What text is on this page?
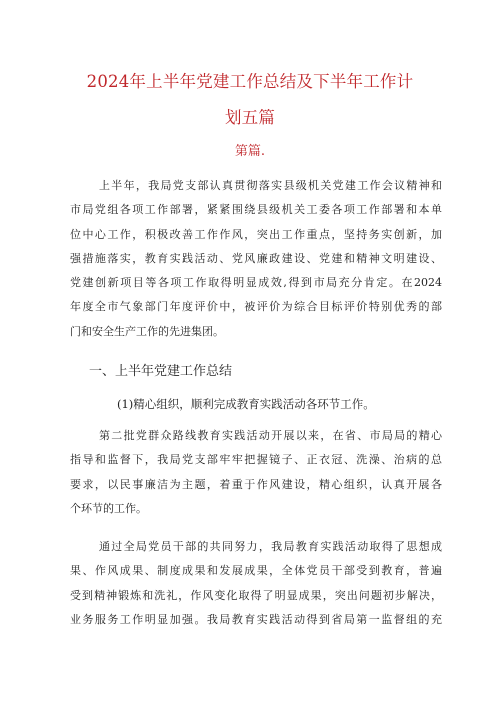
2024年上半年党建工作总结及下半年工作计
划五篇
第篇.

上半年，我局党支部认真贯彻落实县级机关党建工作会议精神和
市局党组各项工作部署，紧紧围绕县级机关工委各项工作部署和本单
位中心工作，积极改善工作作风，突出工作重点，坚持务实创新，加
强措施落实，教育实践活动、党风廉政建设、党建和精神文明建设、
党建创新项目等各项工作取得明显成效,得到市局充分肯定。在2024
年度全市气象部门年度评价中，被评价为综合目标评价特别优秀的部
门和安全生产工作的先进集团。

一、上半年党建工作总结
(1)精心组织，顺利完成教育实践活动各环节工作。

第二批党群众路线教育实践活动开展以来，在省、市局局的精心
指导和监督下，我局党支部牢牢把握镜子、正衣冠、洗澡、治病的总
要求，以民事廉洁为主题，着重于作风建设，精心组织，认真开展各
个环节的工作。

通过全局党员干部的共同努力，我局教育实践活动取得了思想成
果、作风成果、制度成果和发展成果，全体党员干部受到教育，普遍
受到精神锻炼和洗礼，作风变化取得了明显成果，突出问题初步解决，
业务服务工作明显加强。我局教育实践活动得到省局第一监督组的充
